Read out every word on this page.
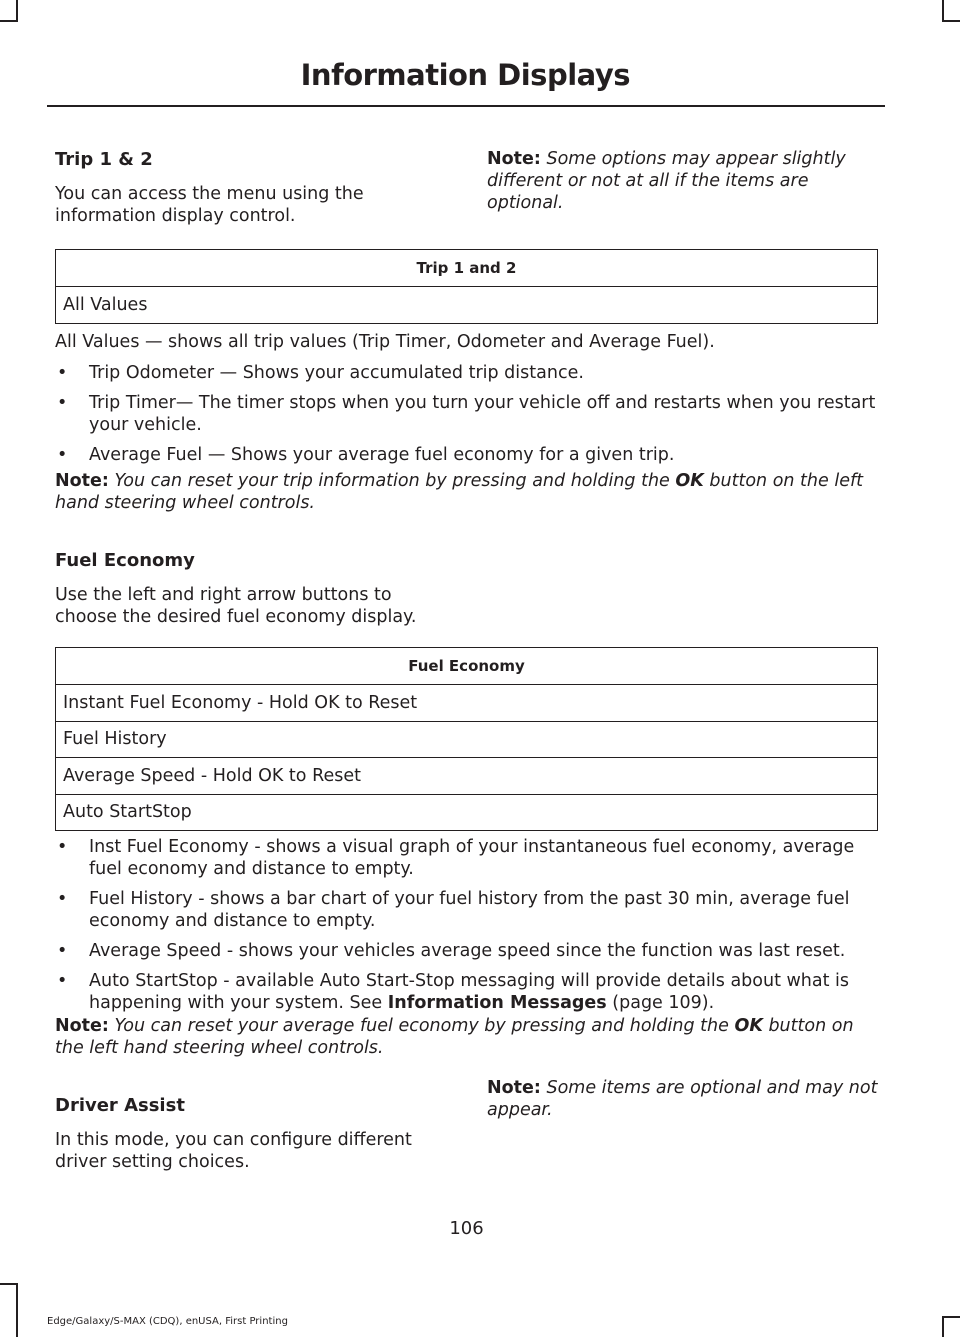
Information Displays
Trip 1 & 2
You can access the menu using the information display control.
Note: Some options may appear slightly different or not at all if the items are optional.
Trip 1 and 2
All Values
All Values — shows all trip values (Trip Timer, Odometer and Average Fuel).
• Trip Odometer — Shows your accumulated trip distance.
• Trip Timer— The timer stops when you turn your vehicle off and restarts when you restart your vehicle.
• Average Fuel — Shows your average fuel economy for a given trip.
Note: You can reset your trip information by pressing and holding the OK button on the left hand steering wheel controls.
Fuel Economy
Use the left and right arrow buttons to choose the desired fuel economy display.
Fuel Economy
Instant Fuel Economy - Hold OK to Reset
Fuel History
Average Speed - Hold OK to Reset
Auto StartStop
• Inst Fuel Economy - shows a visual graph of your instantaneous fuel economy, average fuel economy and distance to empty.
• Fuel History - shows a bar chart of your fuel history from the past 30 min, average fuel economy and distance to empty.
• Average Speed - shows your vehicles average speed since the function was last reset.
• Auto StartStop - available Auto Start-Stop messaging will provide details about what is happening with your system. See Information Messages (page 109).
Note: You can reset your average fuel economy by pressing and holding the OK button on the left hand steering wheel controls.
Driver Assist
In this mode, you can configure different driver setting choices.
Note: Some items are optional and may not appear.
106
Edge/Galaxy/S-MAX (CDQ), enUSA, First Printing
